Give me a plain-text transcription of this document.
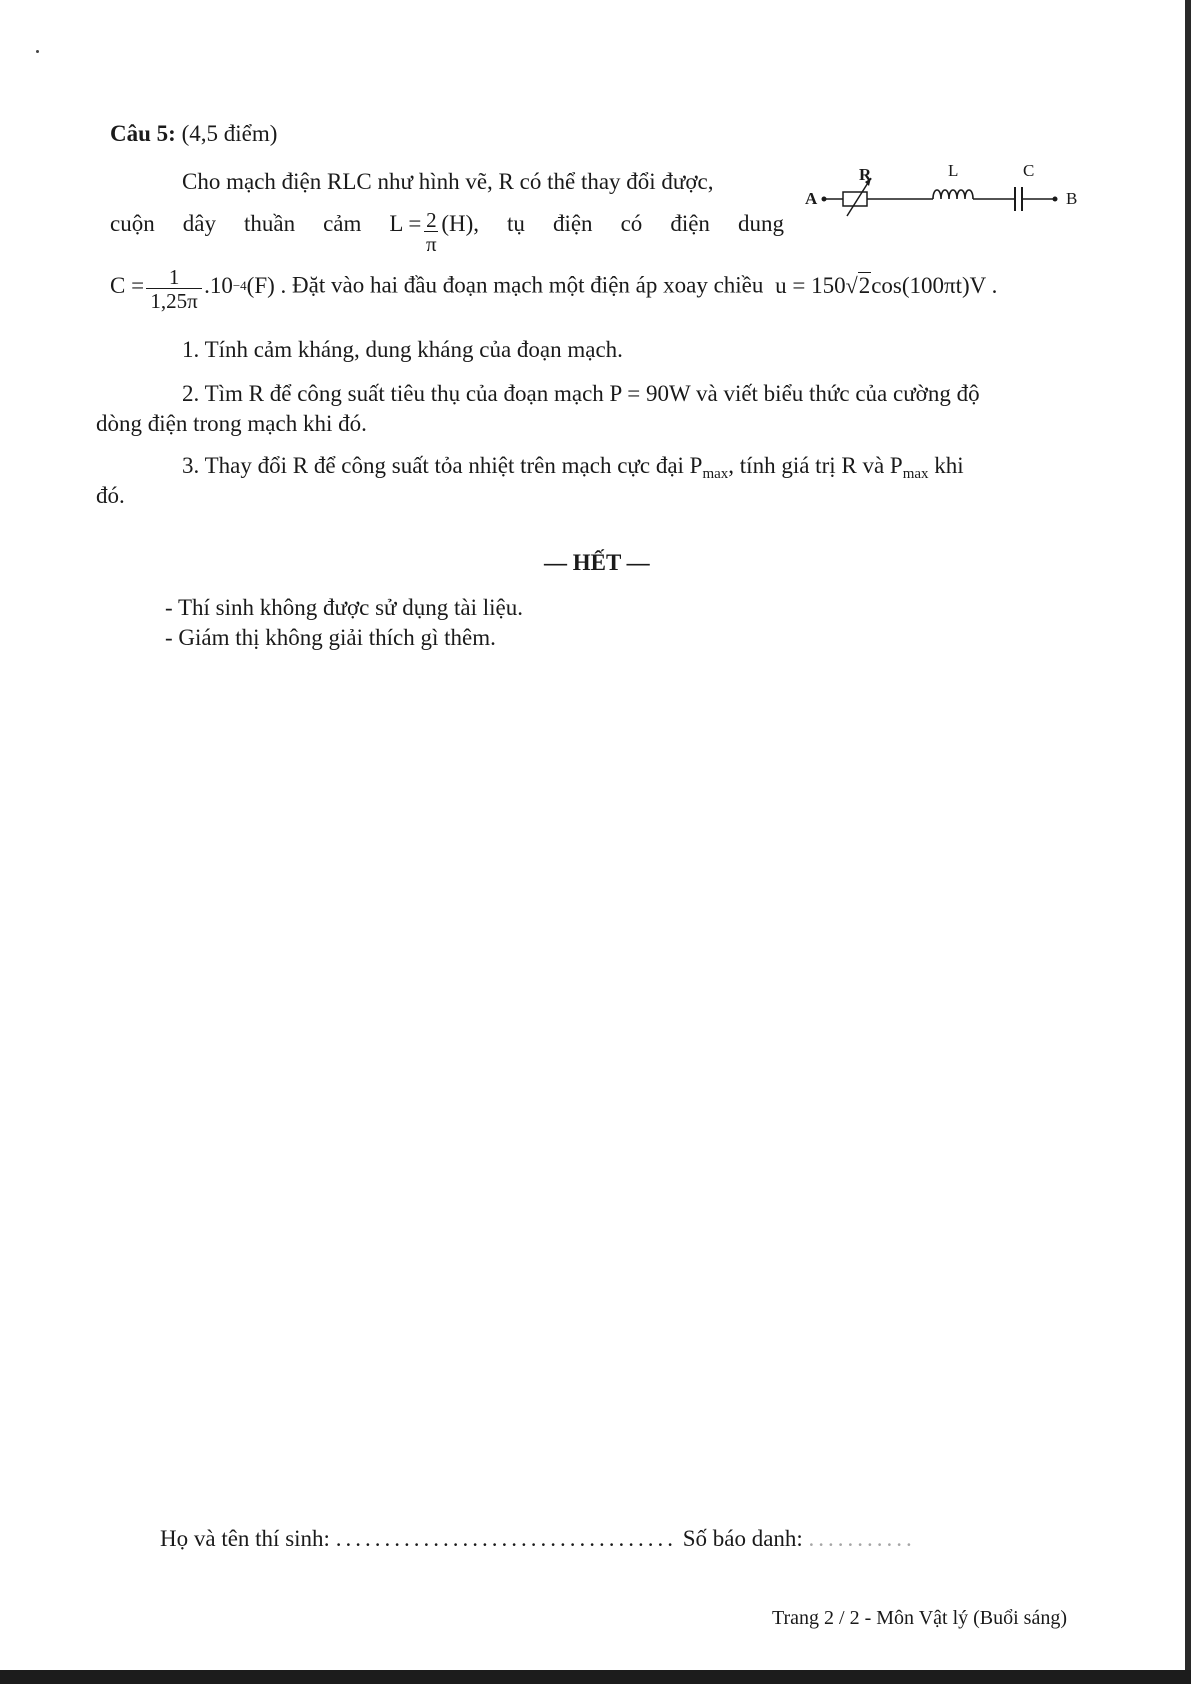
Câu 5: (4,5 điểm)
Cho mạch điện RLC như hình vẽ, R có thể thay đổi được,
cuộn dây thuần cảm $L = \frac{2}{\pi} (H)$, tụ điện có điện dung
$C = \frac{1}{1,25\pi} .10 -4$ (F) . Đặt vào hai đầu đoạn mạch một điện áp xoay chiều u = 150√2cos(100πt)V .
A
R	L	C
B
1. Tính cảm kháng, dung kháng của đoạn mạch.
2. Tìm R để công suất tiêu thụ của đoạn mạch P = 90W và viết biểu thức của cường độ
dòng điện trong mạch khi đó.
3. Thay đổi R để công suất tỏa nhiệt trên mạch cực đại $P_{max}$, tính giá trị R và $P_{max}$ khi
đó.
— HẾT —
- Thí sinh không được sử dụng tài liệu.
- Giám thị không giải thích gì thêm.
Họ và tên thí sinh: ................................... Số báo danh: ...........
Trang 2 / 2 - Môn Vật lý (Buổi sáng)
